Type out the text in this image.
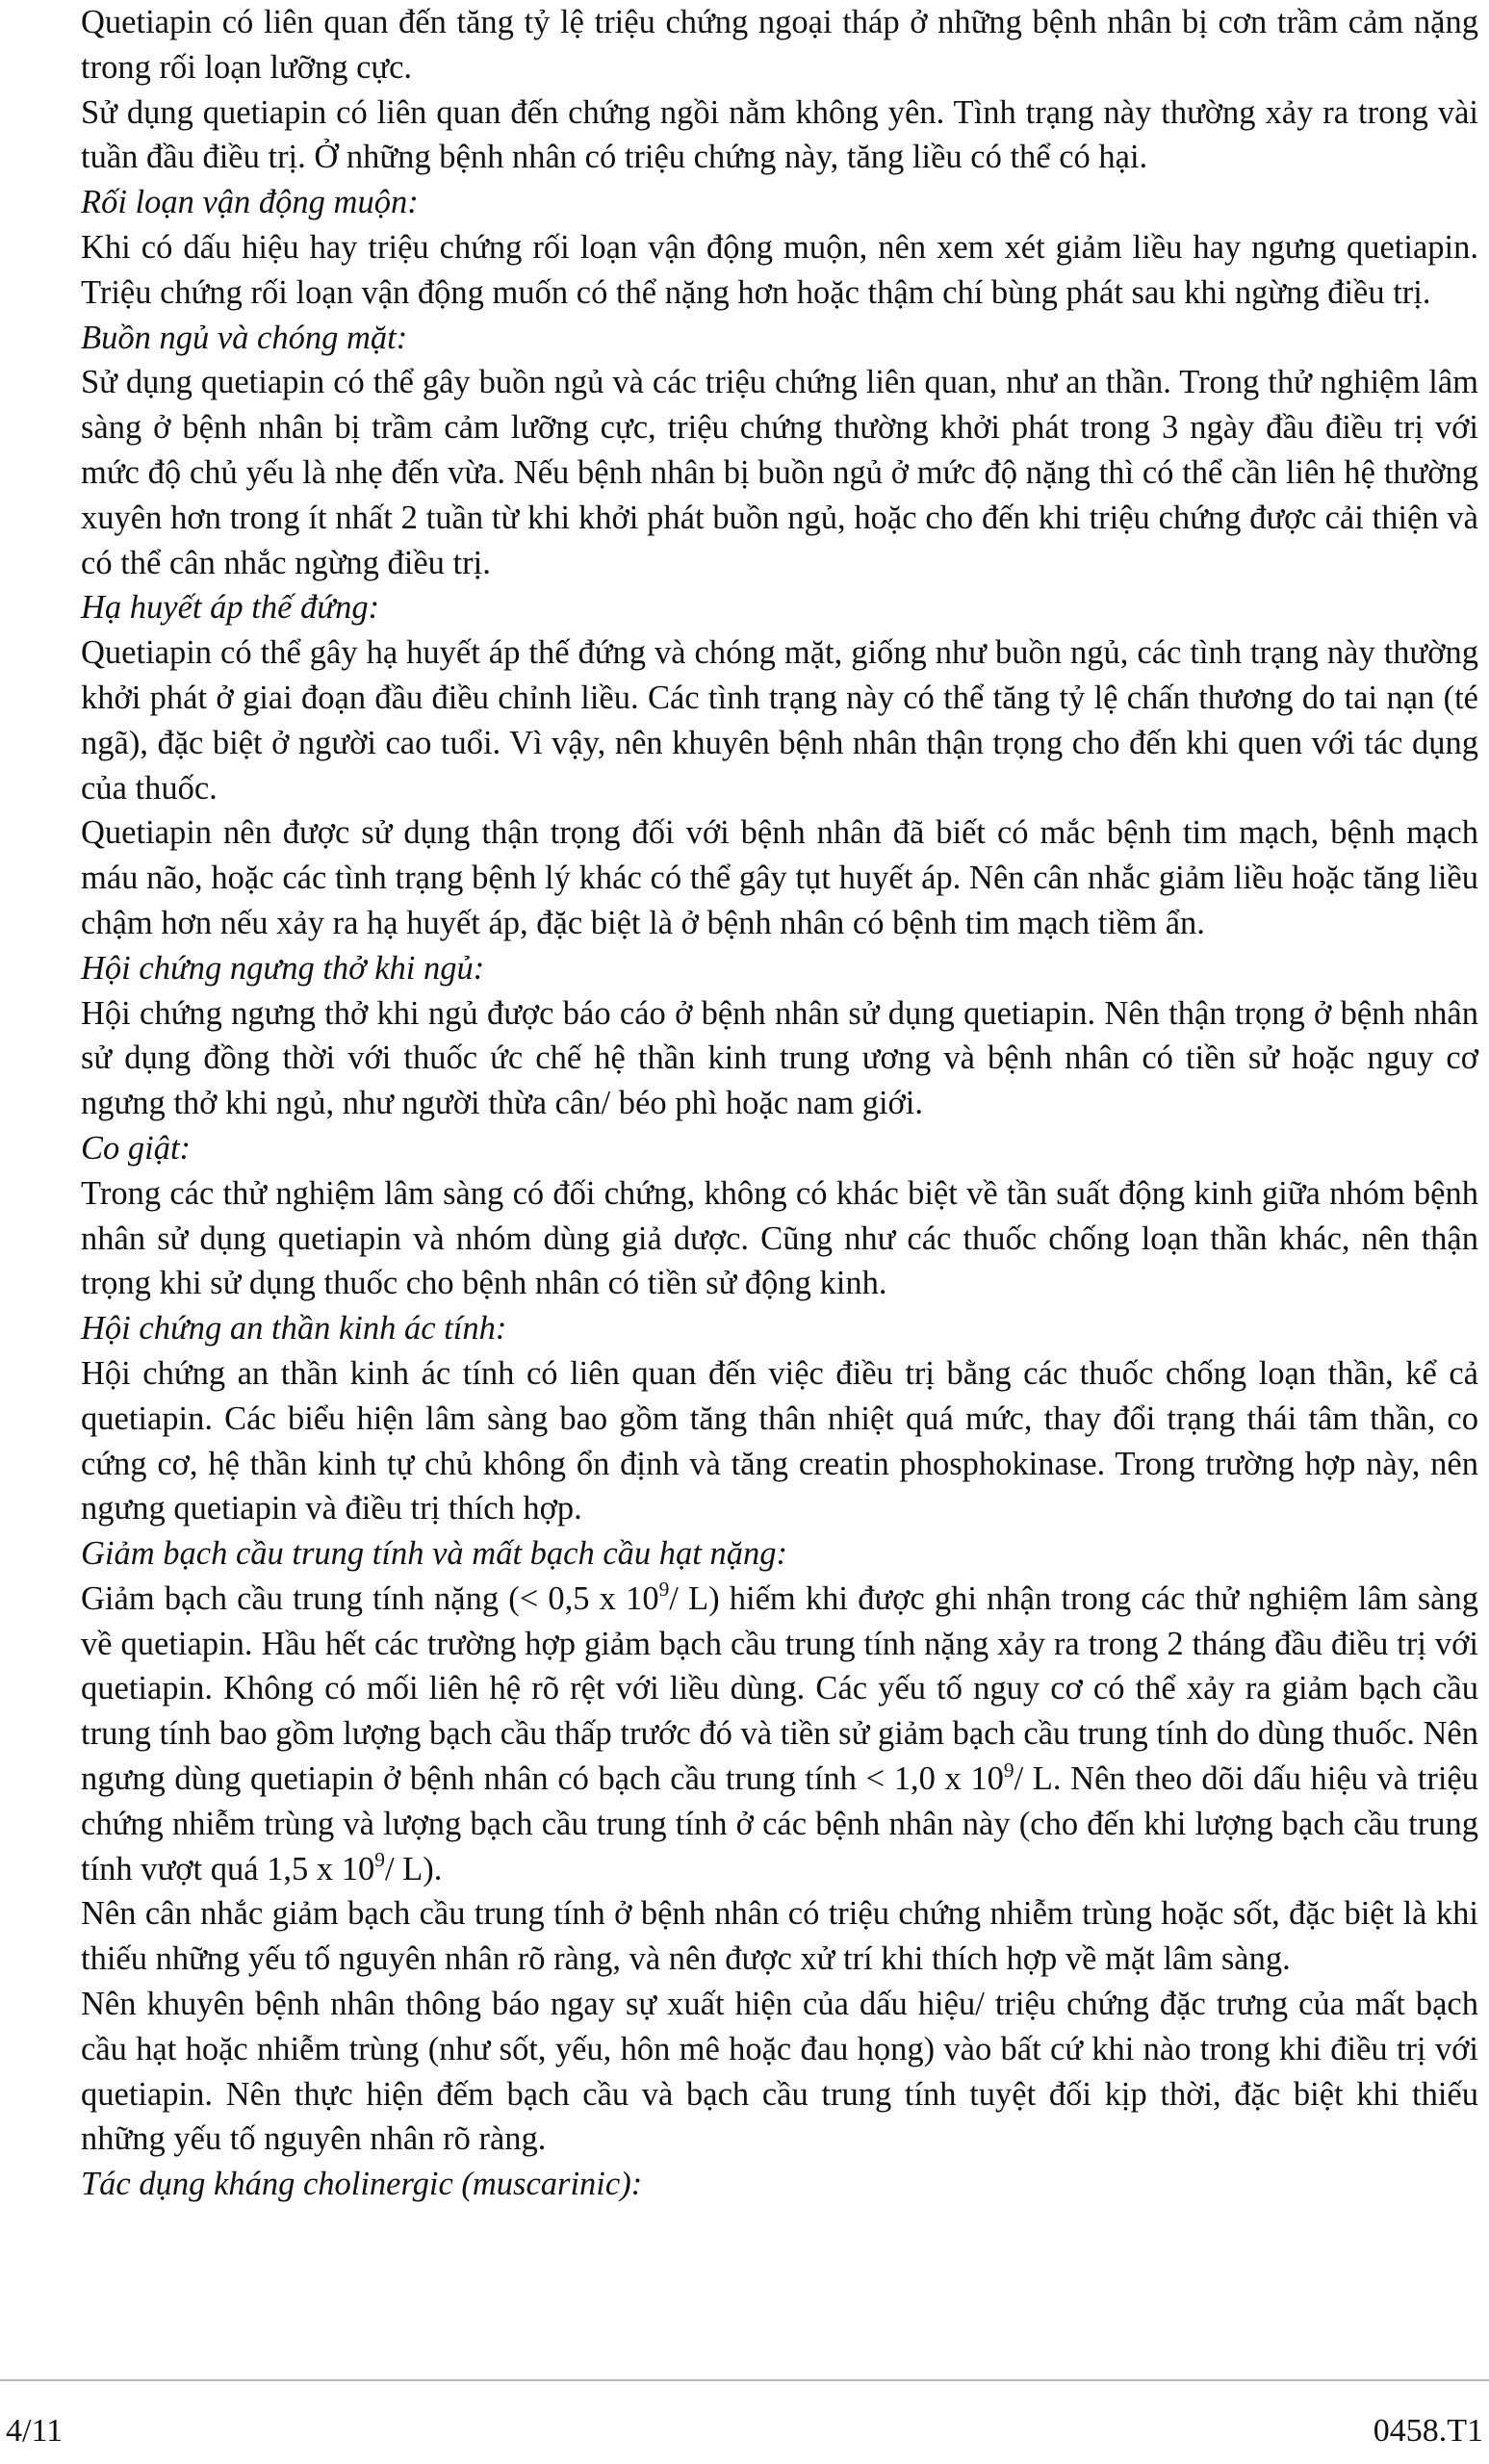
Quetiapin có liên quan đến tăng tỷ lệ triệu chứng ngoại tháp ở những bệnh nhân bị cơn trầm cảm nặng trong rối loạn lưỡng cực.

Sử dụng quetiapin có liên quan đến chứng ngồi nằm không yên. Tình trạng này thường xảy ra trong vài tuần đầu điều trị. Ở những bệnh nhân có triệu chứng này, tăng liều có thể có hại.

Rối loạn vận động muộn:

Khi có dấu hiệu hay triệu chứng rối loạn vận động muộn, nên xem xét giảm liều hay ngưng quetiapin. Triệu chứng rối loạn vận động muốn có thể nặng hơn hoặc thậm chí bùng phát sau khi ngừng điều trị.

Buồn ngủ và chóng mặt:

Sử dụng quetiapin có thể gây buồn ngủ và các triệu chứng liên quan, như an thần. Trong thử nghiệm lâm sàng ở bệnh nhân bị trầm cảm lưỡng cực, triệu chứng thường khởi phát trong 3 ngày đầu điều trị với mức độ chủ yếu là nhẹ đến vừa. Nếu bệnh nhân bị buồn ngủ ở mức độ nặng thì có thể cần liên hệ thường xuyên hơn trong ít nhất 2 tuần từ khi khởi phát buồn ngủ, hoặc cho đến khi triệu chứng được cải thiện và có thể cân nhắc ngừng điều trị.

Hạ huyết áp thế đứng:

Quetiapin có thể gây hạ huyết áp thế đứng và chóng mặt, giống như buồn ngủ, các tình trạng này thường khởi phát ở giai đoạn đầu điều chỉnh liều. Các tình trạng này có thể tăng tỷ lệ chấn thương do tai nạn (té ngã), đặc biệt ở người cao tuổi. Vì vậy, nên khuyên bệnh nhân thận trọng cho đến khi quen với tác dụng của thuốc.

Quetiapin nên được sử dụng thận trọng đối với bệnh nhân đã biết có mắc bệnh tim mạch, bệnh mạch máu não, hoặc các tình trạng bệnh lý khác có thể gây tụt huyết áp. Nên cân nhắc giảm liều hoặc tăng liều chậm hơn nếu xảy ra hạ huyết áp, đặc biệt là ở bệnh nhân có bệnh tim mạch tiềm ẩn.

Hội chứng ngưng thở khi ngủ:

Hội chứng ngưng thở khi ngủ được báo cáo ở bệnh nhân sử dụng quetiapin. Nên thận trọng ở bệnh nhân sử dụng đồng thời với thuốc ức chế hệ thần kinh trung ương và bệnh nhân có tiền sử hoặc nguy cơ ngưng thở khi ngủ, như người thừa cân/ béo phì hoặc nam giới.

Co giật:

Trong các thử nghiệm lâm sàng có đối chứng, không có khác biệt về tần suất động kinh giữa nhóm bệnh nhân sử dụng quetiapin và nhóm dùng giả dược. Cũng như các thuốc chống loạn thần khác, nên thận trọng khi sử dụng thuốc cho bệnh nhân có tiền sử động kinh.

Hội chứng an thần kinh ác tính:

Hội chứng an thần kinh ác tính có liên quan đến việc điều trị bằng các thuốc chống loạn thần, kể cả quetiapin. Các biểu hiện lâm sàng bao gồm tăng thân nhiệt quá mức, thay đổi trạng thái tâm thần, co cứng cơ, hệ thần kinh tự chủ không ổn định và tăng creatin phosphokinase. Trong trường hợp này, nên ngưng quetiapin và điều trị thích hợp.

Giảm bạch cầu trung tính và mất bạch cầu hạt nặng:

Giảm bạch cầu trung tính nặng (< 0,5 x $10^9/$ L) hiếm khi được ghi nhận trong các thử nghiệm lâm sàng về quetiapin. Hầu hết các trường hợp giảm bạch cầu trung tính nặng xảy ra trong 2 tháng đầu điều trị với quetiapin. Không có mối liên hệ rõ rệt với liều dùng. Các yếu tố nguy cơ có thể xảy ra giảm bạch cầu trung tính bao gồm lượng bạch cầu thấp trước đó và tiền sử giảm bạch cầu trung tính do dùng thuốc. Nên ngưng dùng quetiapin ở bệnh nhân có bạch cầu trung tính < 1,0 x $10^9/$ L. Nên theo dõi dấu hiệu và triệu chứng nhiễm trùng và lượng bạch cầu trung tính ở các bệnh nhân này (cho đến khi lượng bạch cầu trung tính vượt quá 1,5 x $10^9/$ L).

Nên cân nhắc giảm bạch cầu trung tính ở bệnh nhân có triệu chứng nhiễm trùng hoặc sốt, đặc biệt là khi thiếu những yếu tố nguyên nhân rõ ràng, và nên được xử trí khi thích hợp về mặt lâm sàng.

Nên khuyên bệnh nhân thông báo ngay sự xuất hiện của dấu hiệu/ triệu chứng đặc trưng của mất bạch cầu hạt hoặc nhiễm trùng (như sốt, yếu, hôn mê hoặc đau họng) vào bất cứ khi nào trong khi điều trị với quetiapin. Nên thực hiện đếm bạch cầu và bạch cầu trung tính tuyệt đối kịp thời, đặc biệt khi thiếu những yếu tố nguyên nhân rõ ràng.

Tác dụng kháng cholinergic (muscarinic):

4/11	0458.T1
